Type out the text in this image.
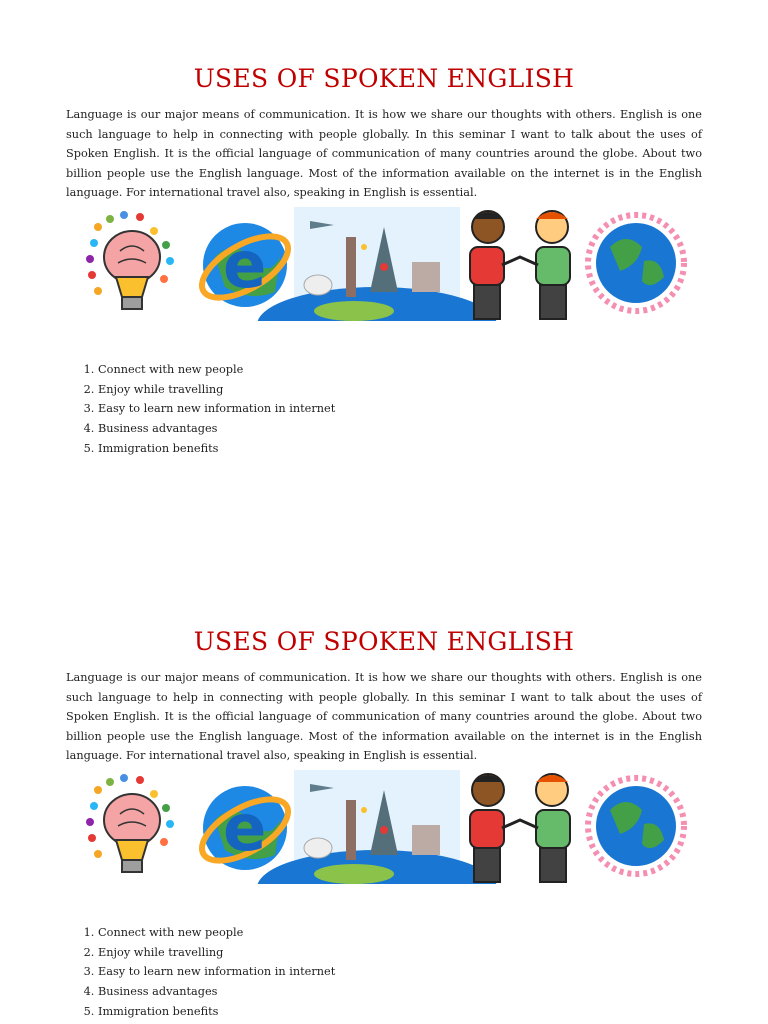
USES OF SPOKEN ENGLISH

Language is our major means of communication. It is how we share our thoughts with others. English is one such language to help in connecting with people globally. In this seminar I want to talk about the uses of Spoken English. It is the official language of communication of many countries around the globe. About two billion people use the English language. Most of the information available on the internet is in the English language. For international travel also, speaking in English is essential.

e
1. Connect with new people
2. Enjoy while travelling
3. Easy to learn new information in internet
4. Business advantages
5. Immigration benefits
USES OF SPOKEN ENGLISH

Language is our major means of communication. It is how we share our thoughts with others. English is one such language to help in connecting with people globally. In this seminar I want to talk about the uses of Spoken English. It is the official language of communication of many countries around the globe. About two billion people use the English language. Most of the information available on the internet is in the English language. For international travel also, speaking in English is essential.

e
1. Connect with new people
2. Enjoy while travelling
3. Easy to learn new information in internet
4. Business advantages
5. Immigration benefits
